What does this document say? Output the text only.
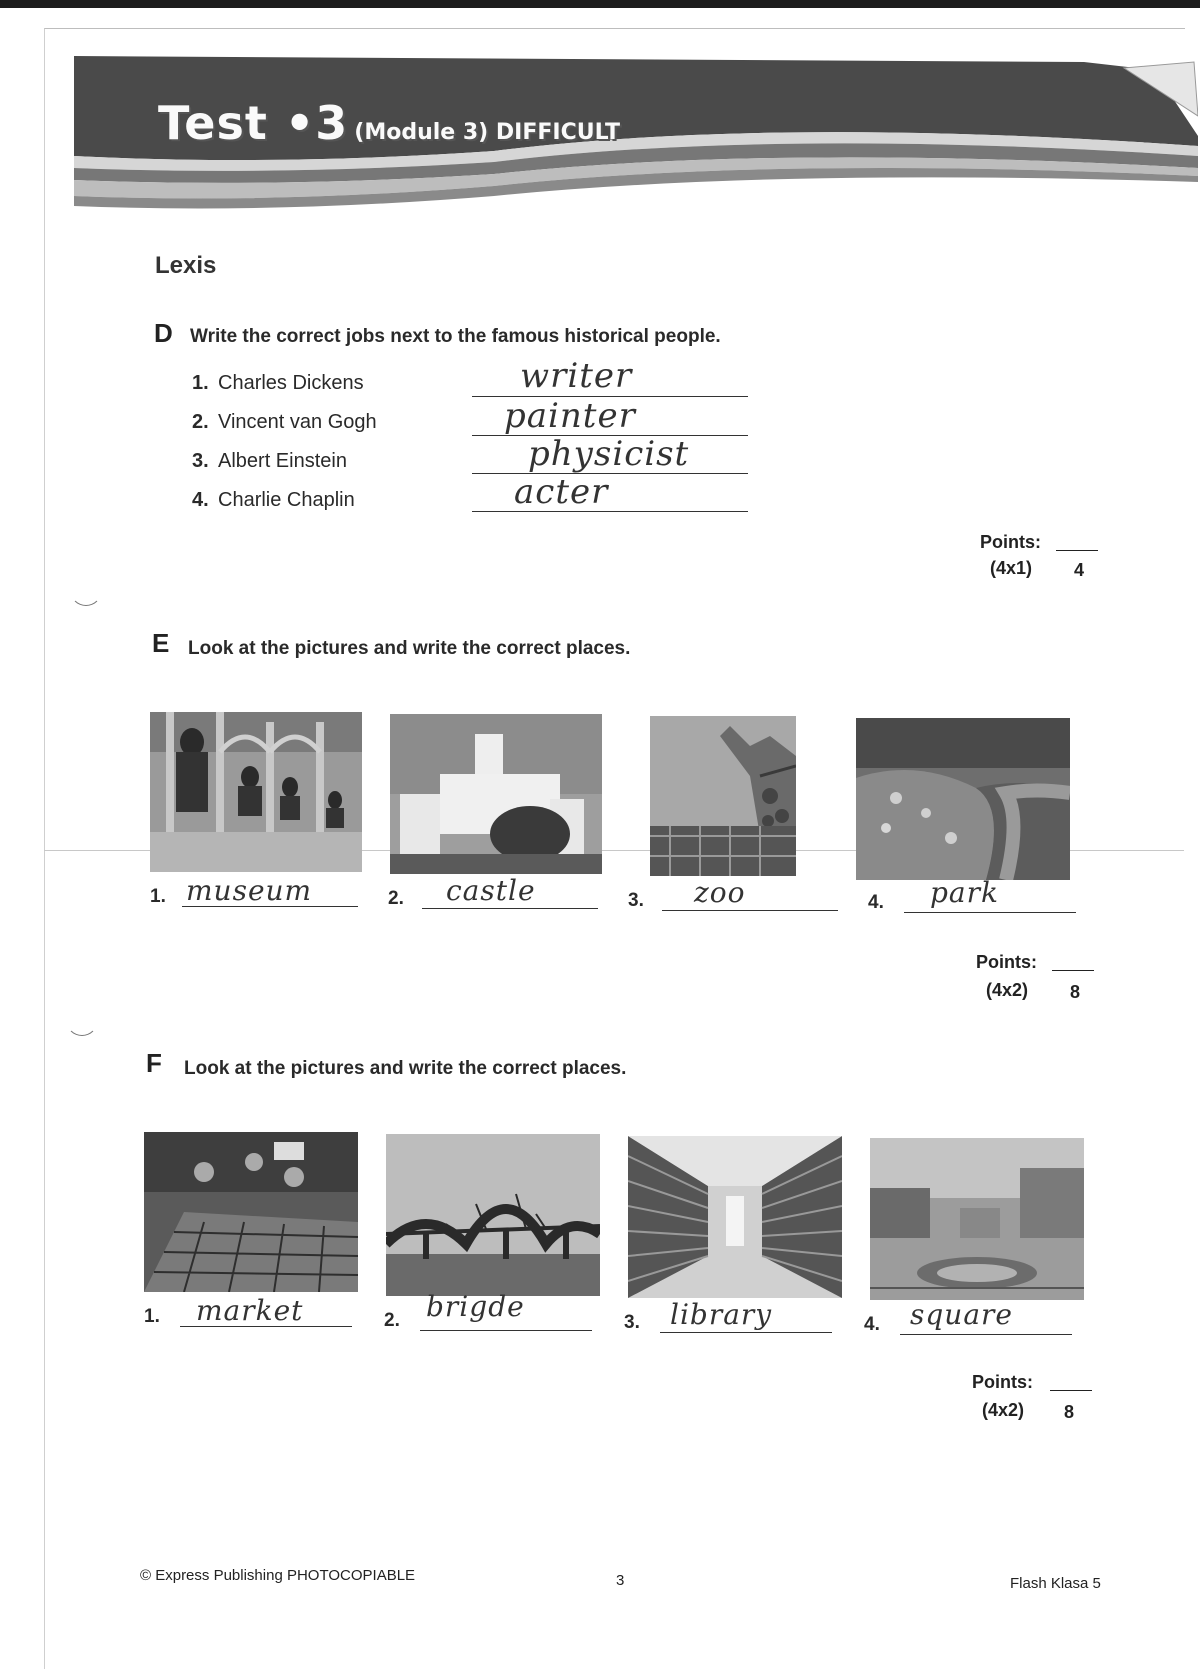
Test •3 (Module 3) DIFFICULT
Lexis
D Write the correct jobs next to the famous historical people.
1. Charles Dickens	writer
2. Vincent van Gogh	painter
3. Albert Einstein	physicist
4. Charlie Chaplin	acter
Points:
(4x1) 4
E Look at the pictures and write the correct places.
1. museum	2. castle	3. zoo	4. park
Points:
(4x2) 8
F Look at the pictures and write the correct places.
1. market	2. brigde	3. library	4. square
Points:
(4x2) 8
© Express Publishing PHOTOCOPIABLE	3	Flash Klasa 5
